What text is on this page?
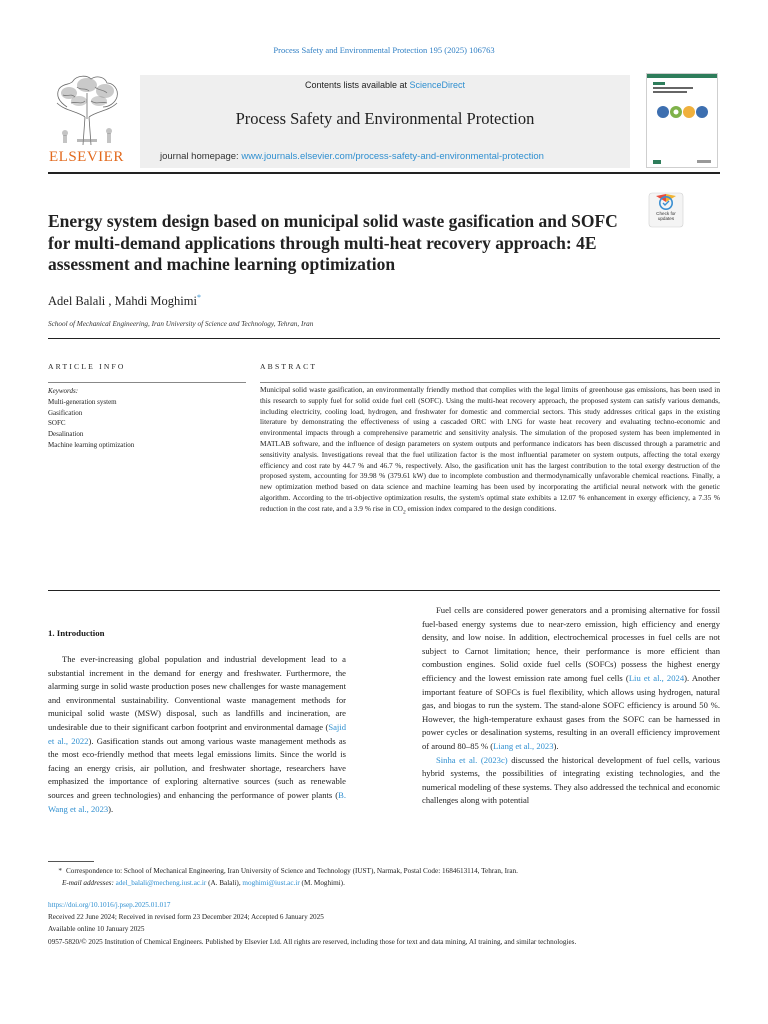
Process Safety and Environmental Protection 195 (2025) 106763
ELSEVIER
Contents lists available at ScienceDirect
Process Safety and Environmental Protection
journal homepage: www.journals.elsevier.com/process-safety-and-environmental-protection
Energy system design based on municipal solid waste gasification and SOFC for multi-demand applications through multi-heat recovery approach: 4E assessment and machine learning optimization
Check for
updates
Adel Balali , Mahdi Moghimi*
School of Mechanical Engineering, Iran University of Science and Technology, Tehran, Iran
ARTICLE INFO	ABSTRACT
Keywords:
Multi-generation system
Gasification
SOFC
Desalination
Machine learning optimization
Municipal solid waste gasification, an environmentally friendly method that complies with the legal limits of greenhouse gas emissions, has been used in this research to supply fuel for solid oxide fuel cell (SOFC). Using the multi-heat recovery approach, the proposed system can satisfy various demands, including electricity, cooling load, hydrogen, and freshwater for domestic and commercial sectors. This study addresses critical gaps in the existing literature by demonstrating the effectiveness of using a cascaded ORC with LNG for waste heat recovery and evaluating techno-economic and environmental impacts through a comprehensive parametric and sensitivity analysis. The simulation of the proposed system has been implemented in MATLAB software, and the influence of design parameters on system outputs and performance indicators has been discussed through a parametric and sensitivity analysis. Investigations reveal that the fuel utilization factor is the most influential parameter on system outputs, affecting the total exergy efficiency and cost rate by 44.7 % and 46.7 %, respectively. Also, the gasification unit has the largest contribution to the total exergy destruction of the proposed system, accounting for 39.98 % (379.61 kW) due to incomplete combustion and thermodynamically unfavorable chemical reactions. Finally, a new optimization method based on data science and machine learning has been used by incorporating the artificial neural network with the genetic algorithm. According to the tri-objective optimization results, the system's optimal state exhibits a 12.07 % enhancement in exergy efficiency, a 7.35 % reduction in the cost rate, and a 3.9 % rise in $CO_2$ emission index compared to the design conditions.
1. Introduction

The ever-increasing global population and industrial development lead to a substantial increment in the demand for energy and freshwater. Furthermore, the alarming surge in solid waste production poses new challenges for waste management and environmental sustainability. Conventional waste management methods for municipal solid waste (MSW) disposal, such as landfills and incineration, are undesirable due to their significant carbon footprint and environmental damage (Sajid et al., 2022). Gasification stands out among various waste management methods as the most eco-friendly method that meets legal emissions limits. Since the world is facing an energy crisis, air pollution, and freshwater shortage, researchers have emphasized the importance of exploring alternative sources (such as renewable sources and green technologies) and enhancing the performance of power plants (B. Wang et al., 2023).

Fuel cells are considered power generators and a promising alternative for fossil fuel-based energy systems due to near-zero emission, high efficiency and energy density, and low noise. In addition, electrochemical processes in fuel cells are not subject to Carnot limitation; hence, their performance is more efficient than combustion engines. Solid oxide fuel cells (SOFCs) possess the highest energy efficiency and the lowest emission rate among fuel cells (Liu et al., 2024). Another important feature of SOFCs is fuel flexibility, which allows using hydrogen, natural gas, and biogas to run the system. The stand-alone SOFC efficiency is around 50 %. However, the high-temperature exhaust gases from the SOFC can be harnessed in power cycles or desalination systems, resulting in an overall efficiency improvement of around 80–85 % (Liang et al., 2023).

Sinha et al. (2023c) discussed the historical development of fuel cells, various hybrid systems, the possibilities of integrating existing technologies, and the numerical modeling of these systems. They also addressed the technical and economic challenges along with potential

* Correspondence to: School of Mechanical Engineering, Iran University of Science and Technology (IUST), Narmak, Postal Code: 1684613114, Tehran, Iran.
E-mail addresses: adel_balali@mecheng.iust.ac.ir (A. Balali), moghimi@iust.ac.ir (M. Moghimi).
https://doi.org/10.1016/j.psep.2025.01.017
Received 22 June 2024; Received in revised form 23 December 2024; Accepted 6 January 2025
Available online 10 January 2025
0957-5820/© 2025 Institution of Chemical Engineers. Published by Elsevier Ltd. All rights are reserved, including those for text and data mining, AI training, and similar technologies.
